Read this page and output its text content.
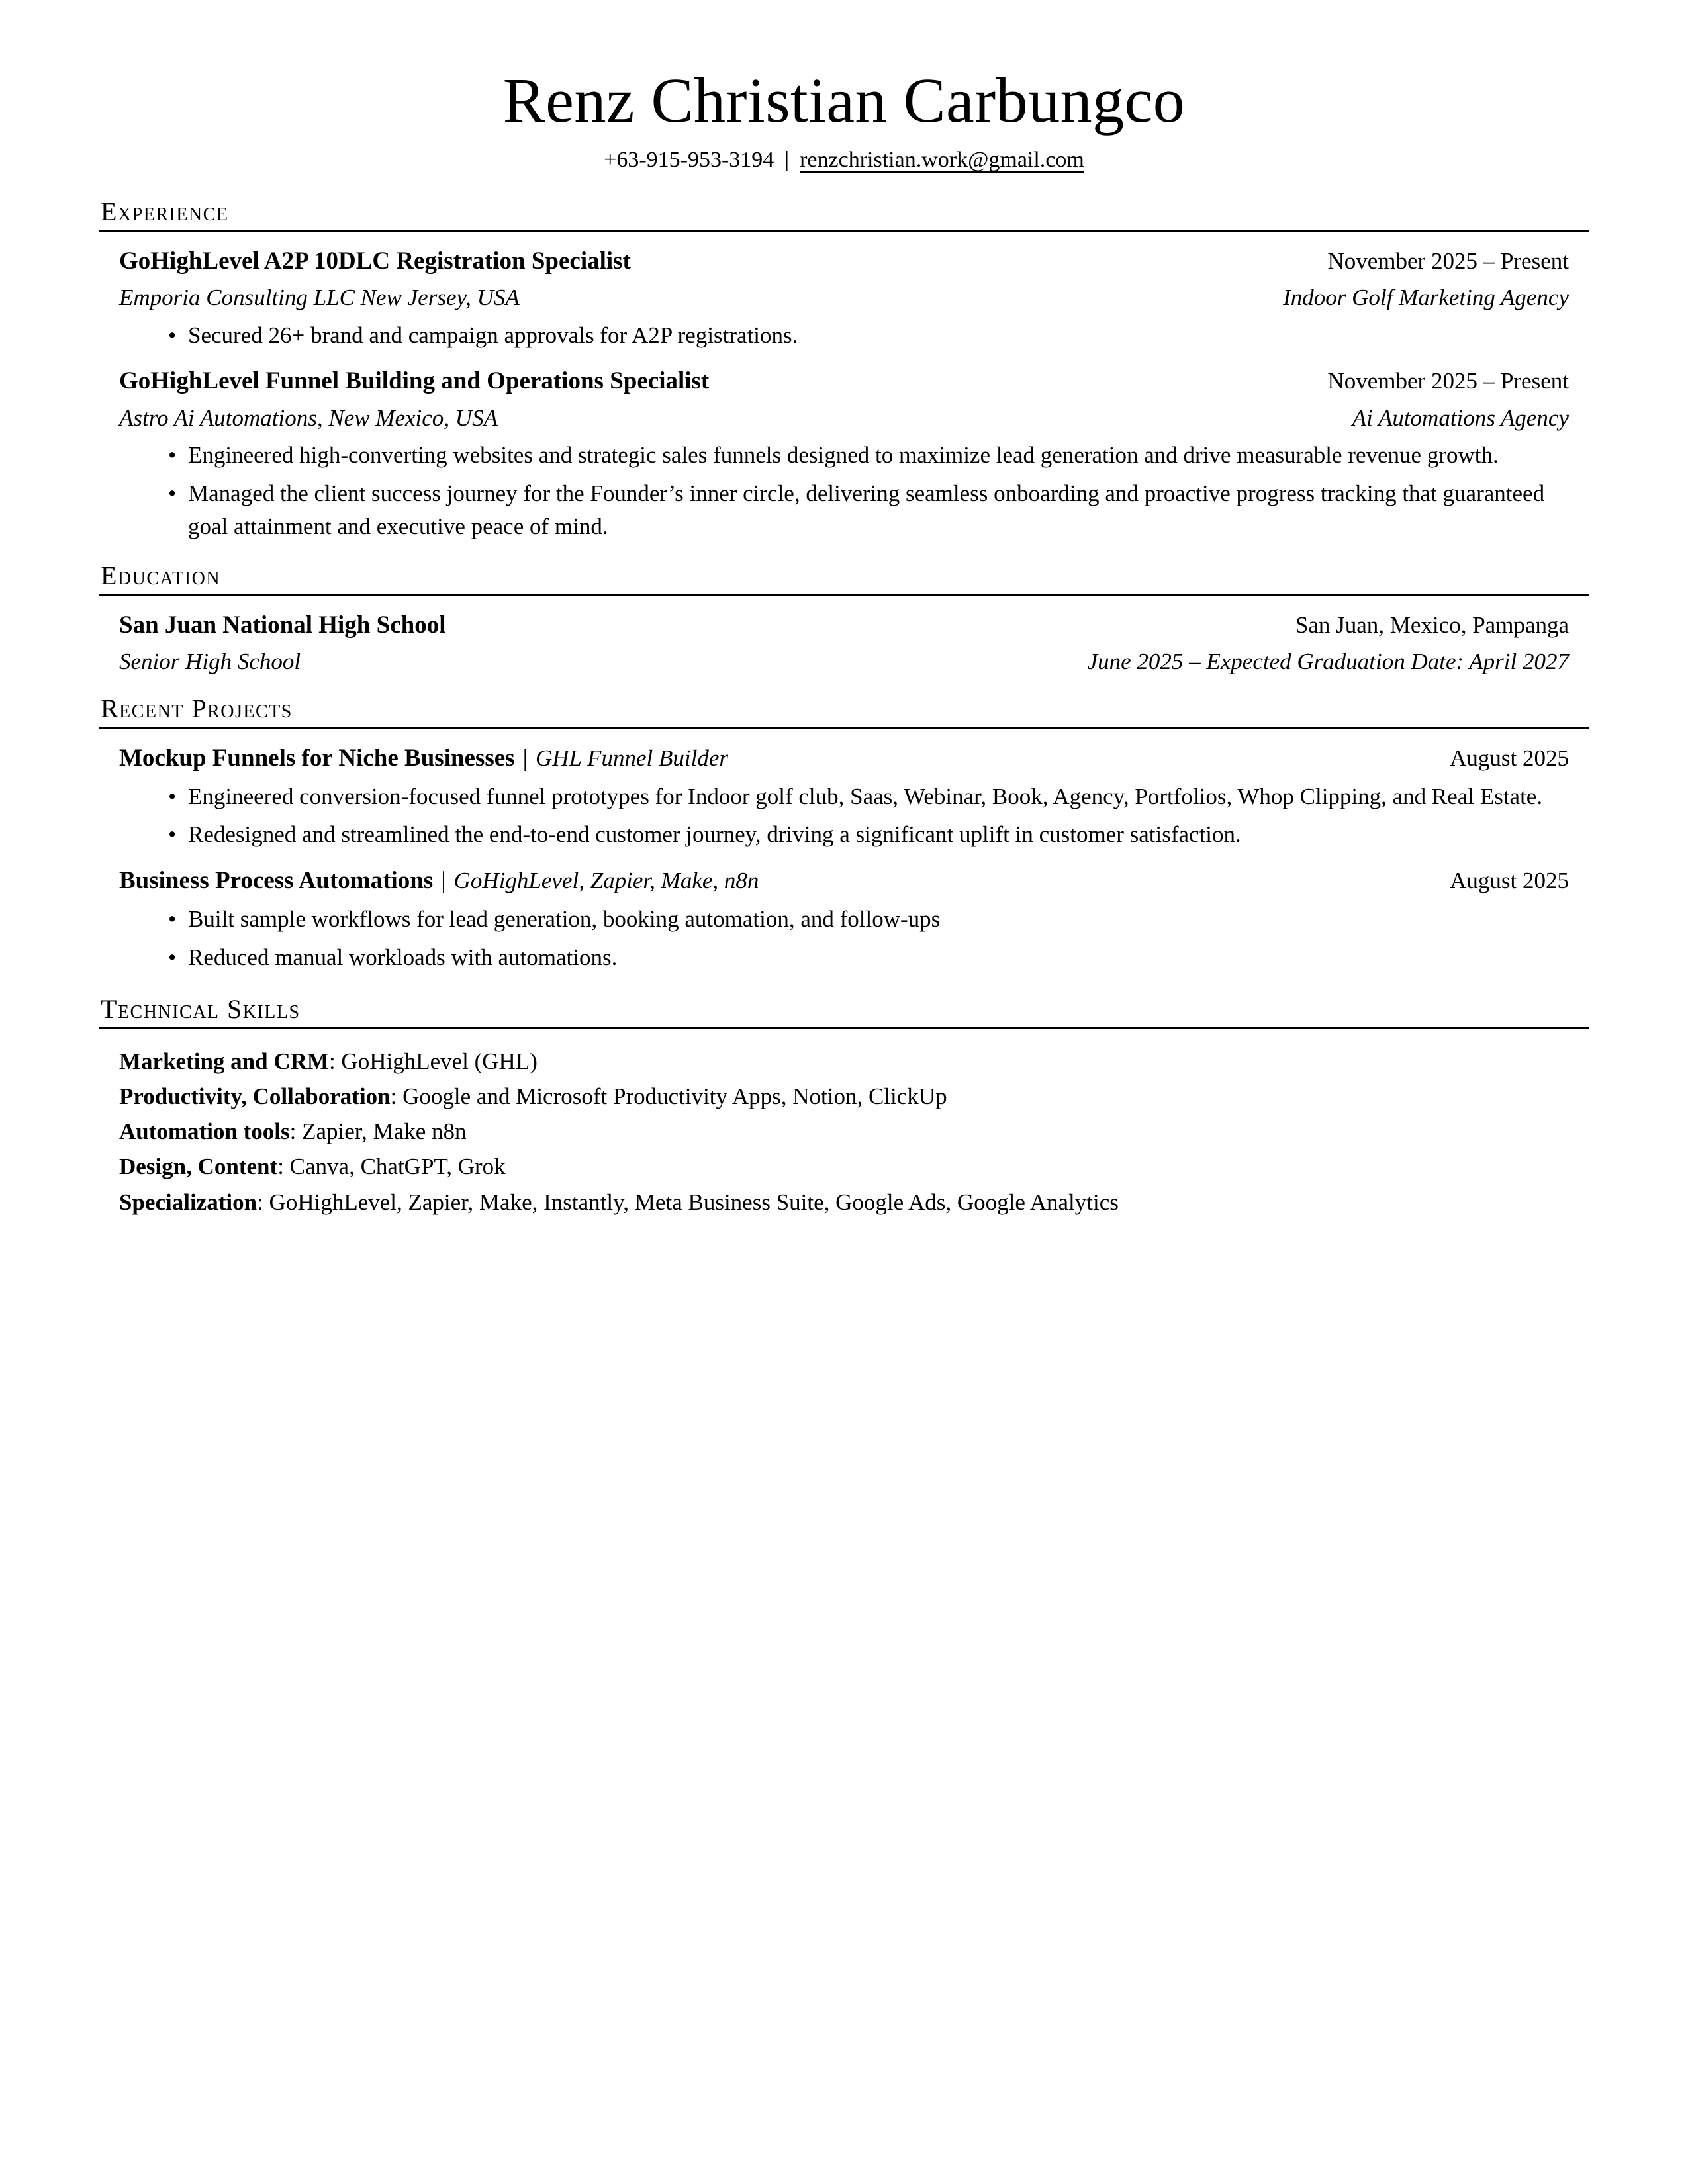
Renz Christian Carbungco
+63-915-953-3194 | renzchristian.work@gmail.com
Experience
GoHighLevel A2P 10DLC Registration Specialist	November 2025 – Present
Emporia Consulting LLC New Jersey, USA	Indoor Golf Marketing Agency
• Secured 26+ brand and campaign approvals for A2P registrations.
GoHighLevel Funnel Building and Operations Specialist	November 2025 – Present
Astro Ai Automations, New Mexico, USA	Ai Automations Agency
• Engineered high-converting websites and strategic sales funnels designed to maximize lead generation and drive measurable revenue growth.
• Managed the client success journey for the Founder’s inner circle, delivering seamless onboarding and proactive progress tracking that guaranteed goal attainment and executive peace of mind.
Education
San Juan National High School	San Juan, Mexico, Pampanga
Senior High School	June 2025 – Expected Graduation Date: April 2027
Recent Projects
Mockup Funnels for Niche Businesses | GHL Funnel Builder	August 2025
• Engineered conversion-focused funnel prototypes for Indoor golf club, Saas, Webinar, Book, Agency, Portfolios, Whop Clipping, and Real Estate.
• Redesigned and streamlined the end-to-end customer journey, driving a significant uplift in customer satisfaction.
Business Process Automations | GoHighLevel, Zapier, Make, n8n	August 2025
• Built sample workflows for lead generation, booking automation, and follow-ups
• Reduced manual workloads with automations.
Technical Skills
Marketing and CRM: GoHighLevel (GHL)
Productivity, Collaboration: Google and Microsoft Productivity Apps, Notion, ClickUp
Automation tools: Zapier, Make n8n
Design, Content: Canva, ChatGPT, Grok
Specialization: GoHighLevel, Zapier, Make, Instantly, Meta Business Suite, Google Ads, Google Analytics
